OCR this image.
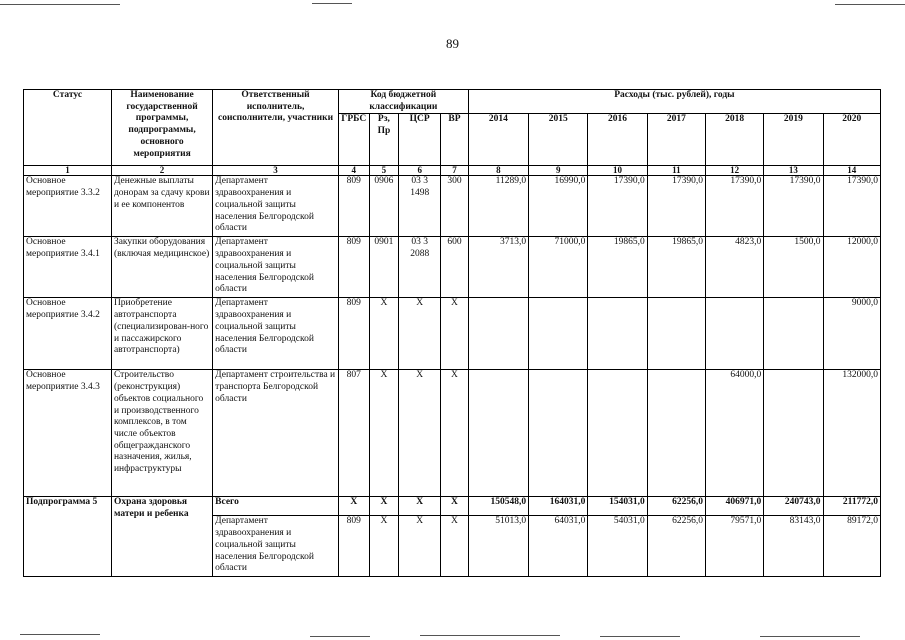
89
Статус	Наименование государственной программы, подпрограммы, основного мероприятия	Ответственный исполнитель, соисполнители, участники	Код бюджетной классификации				Расходы (тыс. рублей), годы						
			ГРБС	Рз, Пр	ЦСР	ВР	2014	2015	2016	2017	2018	2019	2020
1	2	3	4	5	6	7	8	9	10	11	12	13	14
Основное мероприятие 3.3.2	Денежные выплаты донорам за сдачу крови и ее компонентов	Департамент здравоохранения и социальной защиты населения Белгородской области	809	0906	03 3 1498	300	11289,0	16990,0	17390,0	17390,0	17390,0	17390,0	17390,0
Основное мероприятие 3.4.1	Закупки оборудования (включая медицинское)	Департамент здравоохранения и социальной защиты населения Белгородской области	809	0901	03 3 2088	600	3713,0	71000,0	19865,0	19865,0	4823,0	1500,0	12000,0
Основное мероприятие 3.4.2	Приобретение автотранспорта (специализирован-ного и пассажирского автотранспорта)	Департамент здравоохранения и социальной защиты населения Белгородской области	809	Х	Х	Х							9000,0
Основное мероприятие 3.4.3	Строительство (реконструкция) объектов социального и производственного комплексов, в том числе объектов общегражданского назначения, жилья, инфраструктуры	Департамент строительства и транспорта Белгородской области	807	Х	Х	Х					64000,0		132000,0
Подпрограмма 5	Охрана здоровья матери и ребенка	Всего	Х	Х	Х	Х	150548,0	164031,0	154031,0	62256,0	406971,0	240743,0	211772,0
		Департамент здравоохранения и социальной защиты населения Белгородской области	809	Х	Х	Х	51013,0	64031,0	54031,0	62256,0	79571,0	83143,0	89172,0
